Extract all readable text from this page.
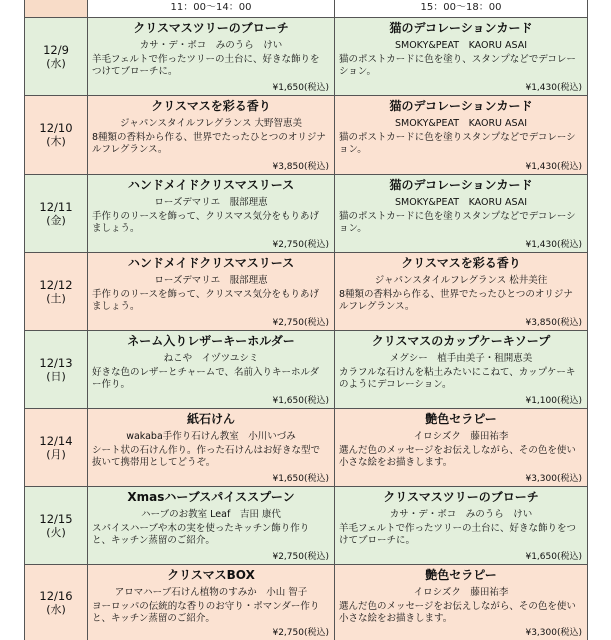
11：00〜14：00	15：00〜18：00
12/9
(水)
クリスマスツリーのブローチ
カサ・デ・ボコ　みのうら　けい
羊毛フェルトで作ったツリーの土台に、好きな飾りをつけてブローチに。
¥1,650(税込)
猫のデコレーションカード
SMOKY&PEAT　KAORU ASAI
猫のポストカードに色を塗り、スタンプなどでデコレーション。
¥1,430(税込)
12/10
(木)
クリスマスを彩る香り
ジャパンスタイルフレグランス 大野智恵美
8種類の香料から作る、世界でたったひとつのオリジナルフレグランス。
¥3,850(税込)
猫のデコレーションカード
SMOKY&PEAT　KAORU ASAI
猫のポストカードに色を塗りスタンプなどでデコレーション。
¥1,430(税込)
12/11
(金)
ハンドメイドクリスマスリース
ローズデマリエ　服部理恵
手作りのリースを飾って、クリスマス気分をもりあげましょう。
¥2,750(税込)
猫のデコレーションカード
SMOKY&PEAT　KAORU ASAI
猫のポストカードに色を塗りスタンプなどでデコレーション。
¥1,430(税込)
12/12
(土)
ハンドメイドクリスマスリース
ローズデマリエ　服部理恵
手作りのリースを飾って、クリスマス気分をもりあげましょう。
¥2,750(税込)
クリスマスを彩る香り
ジャパンスタイルフレグランス 松井美往
8種類の香料から作る、世界でたったひとつのオリジナルフレグランス。
¥3,850(税込)
12/13
(日)
ネーム入りレザーキーホルダー
ねこや　イヅツユシミ
好きな色のレザーとチャームで、名前入りキーホルダー作り。
¥1,650(税込)
クリスマスのカップケーキソープ
メグシー　植手由美子・租開恵美
カラフルな石けんを粘土みたいにこねて、カップケーキのようにデコレーション。
¥1,100(税込)
12/14
(月)
紙石けん
wakaba手作り石けん教室　小川いづみ
シート状の石けん作り。作った石けんはお好きな型で抜いて携帯用としてどうぞ。
¥1,650(税込)
艶色セラピー
イロシズク　藤田祐李
選んだ色のメッセージをお伝えしながら、その色を使い小さな絵をお描きします。
¥3,300(税込)
12/15
(火)
Xmasハーブスパイススプーン
ハーブのお教室 Leaf　吉田 康代
スパイスハーブや木の実を使ったキッチン飾り作りと、キッチン蒸留のご紹介。
¥2,750(税込)
クリスマスツリーのブローチ
カサ・デ・ボコ　みのうら　けい
羊毛フェルトで作ったツリーの土台に、好きな飾りをつけてブローチに。
¥1,650(税込)
12/16
(水)
クリスマスBOX
アロマハーブ石けん植物のすみか　小山 智子
ヨーロッパの伝統的な香りのお守り・ポマンダー作りと、キッチン蒸留のご紹介。
¥2,750(税込)
艶色セラピー
イロシズク　藤田祐李
選んだ色のメッセージをお伝えしながら、その色を使い小さな絵をお描きします。
¥3,300(税込)
